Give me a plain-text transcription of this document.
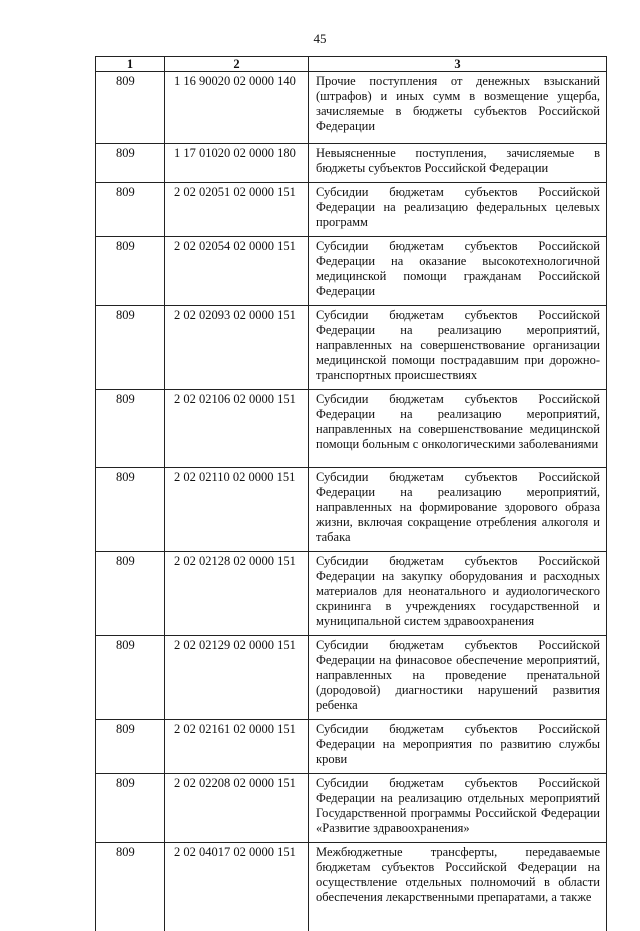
45
1	2	3
809	1 16 90020 02 0000 140	Прочие поступления от денежных взысканий (штрафов) и иных сумм в возмещение ущерба, зачисляемые в бюджеты субъектов Российской Федерации
809	1 17 01020 02 0000 180	Невыясненные поступления, зачисляемые в бюджеты субъектов Российской Федерации
809	2 02 02051 02 0000 151	Субсидии бюджетам субъектов Российской Федерации на реализацию федеральных целевых программ
809	2 02 02054 02 0000 151	Субсидии бюджетам субъектов Российской Федерации на оказание высокотехнологичной медицинской помощи гражданам Российской Федерации
809	2 02 02093 02 0000 151	Субсидии бюджетам субъектов Российской Федерации на реализацию мероприятий, направленных на совершенствование организации медицинской помощи пострадавшим при дорожно-транспортных происшествиях
809	2 02 02106 02 0000 151	Субсидии бюджетам субъектов Российской Федерации на реализацию мероприятий, направленных на совершенствование медицинской помощи больным с онкологическими заболеваниями
809	2 02 02110 02 0000 151	Субсидии бюджетам субъектов Российской Федерации на реализацию мероприятий, направленных на формирование здорового образа жизни, включая сокращение отребления алкоголя и табака
809	2 02 02128 02 0000 151	Субсидии бюджетам субъектов Российской Федерации на закупку оборудования и расходных материалов для неонатального и аудиологического скрининга в учреждениях государственной и муниципальной систем здравоохранения
809	2 02 02129 02 0000 151	Субсидии бюджетам субъектов Российской Федерации на финасовое обеспечение мероприятий, направленных на проведение пренатальной (дородовой) диагностики нарушений развития ребенка
809	2 02 02161 02 0000 151	Субсидии бюджетам субъектов Российской Федерации на мероприятия по развитию службы крови
809	2 02 02208 02 0000 151	Субсидии бюджетам субъектов Российской Федерации на реализацию отдельных мероприятий Государственной программы Российской Федерации «Развитие здравоохранения»
809	2 02 04017 02 0000 151	Межбюджетные трансферты, передаваемые бюджетам субъектов Российской Федерации на осуществление отдельных полномочий в области обеспечения лекарственными препаратами, а также
